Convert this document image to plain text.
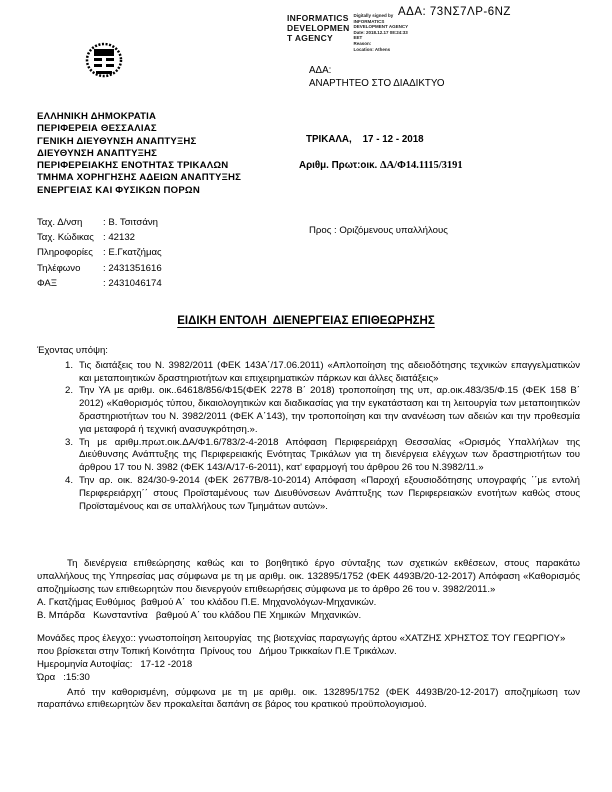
ΑΔΑ: 73ΝΣ7ΛΡ-6ΝΖ
INFORMATICS
DEVELOPMEN
T AGENCY
Digitally signed by
INFORMATICS
DEVELOPMENT AGENCY
Date: 2018.12.17 08:24:33
EET
Reason:
Location: Athens
ΑΔΑ:
ΑΝΑΡΤΗΤΕΟ ΣΤΟ ΔΙΑΔΙΚΤΥΟ
ΕΛΛΗΝΙΚΗ ΔΗΜΟΚΡΑΤΙΑ
ΠΕΡΙΦΕΡΕΙΑ ΘΕΣΣΑΛΙΑΣ
ΓΕΝΙΚΗ ΔΙΕΥΘΥΝΣΗ ΑΝΑΠΤΥΞΗΣ
ΔΙΕΥΘΥΝΣΗ ΑΝΑΠΤΥΞΗΣ
ΠΕΡΙΦΕΡΕΙΑΚΗΣ ΕΝΟΤΗΤΑΣ ΤΡΙΚΑΛΩΝ
ΤΜΗΜΑ ΧΟΡΗΓΗΣΗΣ ΑΔΕΙΩΝ ΑΝΑΠΤΥΞΗΣ
ΕΝΕΡΓΕΙΑΣ ΚΑΙ ΦΥΣΙΚΩΝ ΠΟΡΩΝ
ΤΡΙΚΑΛΑ,    17 - 12 - 2018
Αριθμ. Πρωτ:οικ. ΔΑ/Φ14.1115/3191
Ταχ. Δ/νση	: Β. Τσιτσάνη
Ταχ. Κώδικας : 42132
Πληροφορίες	: Ε.Γκατζήμας
Τηλέφωνο	: 2431351616
ΦΑΞ	: 2431046174
Προς : Οριζόμενους υπαλλήλους
ΕΙΔΙΚΗ ΕΝΤΟΛΗ  ΔΙΕΝΕΡΓΕΙΑΣ ΕΠΙΘΕΩΡΗΣΗΣ
Έχοντας υπόψη:
1. Τις διατάξεις του Ν. 3982/2011 (ΦΕΚ 143Α΄/17.06.2011) «Απλοποίηση της αδειοδότησης τεχνικών επαγγελματικών και μεταποιητικών δραστηριοτήτων και επιχειρηματικών πάρκων και άλλες διατάξεις»
2. Την ΥΑ με αριθμ. οικ..64618/856/Φ15(ΦΕΚ 2278 Β΄ 2018) τροποποίηση της υπ, αρ.οικ.483/35/Φ.15 (ΦΕΚ 158 Β΄ 2012) «Καθορισμός τύπου, δικαιολογητικών και διαδικασίας για την εγκατάσταση και τη λειτουργία των μεταποιητικών δραστηριοτήτων του Ν. 3982/2011 (ΦΕΚ Α΄143), την τροποποίηση και την ανανέωση των αδειών και την προθεσμία για μεταφορά ή τεχνική ανασυγκρότηση.».
3. Τη με αριθμ.πρωτ.οικ.ΔΑ/Φ1.6/783/2-4-2018 Απόφαση Περιφερειάρχη Θεσσαλίας «Ορισμός Υπαλλήλων της Διεύθυνσης Ανάπτυξης της Περιφερειακής Ενότητας Τρικάλων για τη διενέργεια ελέγχων των δραστηριοτήτων του άρθρου 17 του Ν. 3982 (ΦΕΚ 143/Α/17-6-2011), κατ' εφαρμογή του άρθρου 26 του Ν.3982/11.»
4. Την αρ. οικ. 824/30-9-2014 (ΦΕΚ 2677Β/8-10-2014) Απόφαση «Παροχή εξουσιοδότησης υπογραφής ΄΄με εντολή Περιφερειάρχη΄΄ στους Προϊσταμένους των Διευθύνσεων Ανάπτυξης των Περιφερειακών ενοτήτων καθώς στους Προϊσταμένους και σε υπαλλήλους των Τμημάτων αυτών».
Τη διενέργεια επιθεώρησης καθώς και το βοηθητικό έργο σύνταξης των σχετικών εκθέσεων, στους παρακάτω υπαλλήλους της Υπηρεσίας μας σύμφωνα με τη με αριθμ. οικ. 132895/1752 (ΦΕΚ 4493Β/20-12-2017) Απόφαση «Καθορισμός αποζημίωσης των επιθεωρητών που διενεργούν επιθεωρήσεις σύμφωνα με το άρθρο 26 του ν. 3982/2011.»
Α. Γκατζήμας Ευθύμιος  βαθμού Α΄  του κλάδου Π.Ε. Μηχανολόγων-Μηχανικών.
Β. Μπάρδα   Κωνσταντίνα   βαθμού Α΄ του κλάδου ΠΕ Χημικών  Μηχανικών.
Μονάδες προς έλεγχο:: γνωστοποίηση λειτουργίας  της βιοτεχνίας παραγωγής άρτου «ΧΑΤΖΗΣ ΧΡΗΣΤΟΣ ΤΟΥ ΓΕΩΡΓΙΟΥ» που βρίσκεται στην Τοπική Κοινότητα  Πρίνους του   Δήμου Τρικκαίων Π.Ε Τρικάλων.
Ημερομηνία Αυτοψίας:   17-12 -2018
Ώρα   :15:30
Από την καθορισμένη, σύμφωνα με τη με αριθμ. οικ. 132895/1752 (ΦΕΚ 4493Β/20-12-2017) αποζημίωση των παραπάνω επιθεωρητών δεν προκαλείται δαπάνη σε βάρος του κρατικού προϋπολογισμού.
